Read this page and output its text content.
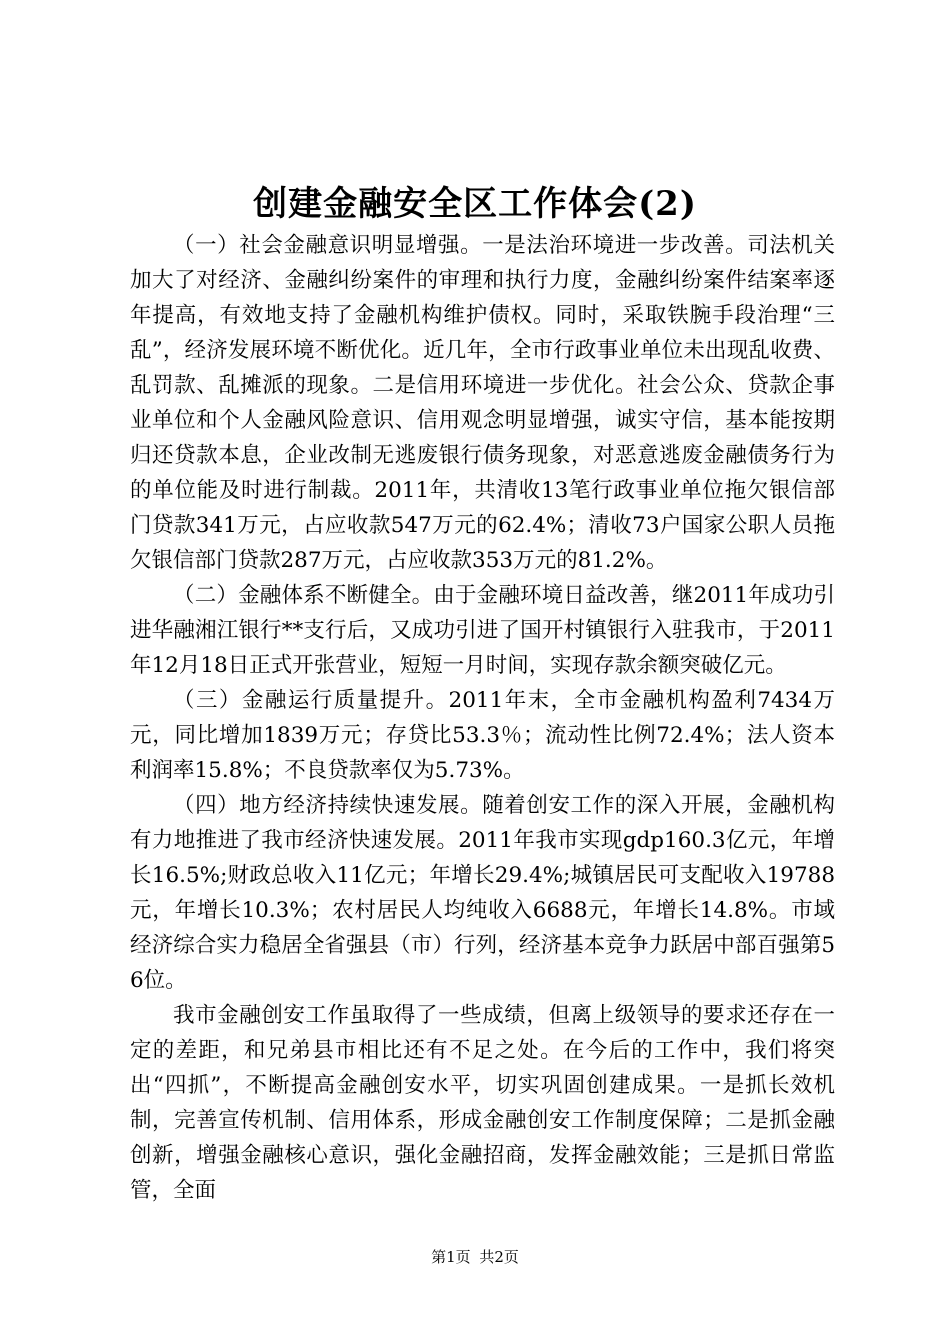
创建金融安全区工作体会(2)

（一）社会金融意识明显增强。一是法治环境进一步改善。司法机关加大了对经济、金融纠纷案件的审理和执行力度，金融纠纷案件结案率逐年提高，有效地支持了金融机构维护债权。同时，采取铁腕手段治理“三乱”，经济发展环境不断优化。近几年，全市行政事业单位未出现乱收费、乱罚款、乱摊派的现象。二是信用环境进一步优化。社会公众、贷款企事业单位和个人金融风险意识、信用观念明显增强，诚实守信，基本能按期归还贷款本息，企业改制无逃废银行债务现象，对恶意逃废金融债务行为的单位能及时进行制裁。2011年，共清收13笔行政事业单位拖欠银信部门贷款341万元，占应收款547万元的62.4%；清收73户国家公职人员拖欠银信部门贷款287万元，占应收款353万元的81.2%。

（二）金融体系不断健全。由于金融环境日益改善，继2011年成功引进华融湘江银行**支行后，又成功引进了国开村镇银行入驻我市，于2011年12月18日正式开张营业，短短一月时间，实现存款余额突破亿元。

（三）金融运行质量提升。2011年末，全市金融机构盈利7434万元，同比增加1839万元；存贷比53.3％；流动性比例72.4%；法人资本利润率15.8%；不良贷款率仅为5.73%。

（四）地方经济持续快速发展。随着创安工作的深入开展，金融机构有力地推进了我市经济快速发展。2011年我市实现gdp160.3亿元，年增长16.5%;财政总收入11亿元；年增长29.4%;城镇居民可支配收入19788元，年增长10.3%；农村居民人均纯收入6688元，年增长14.8%。市域经济综合实力稳居全省强县（市）行列，经济基本竞争力跃居中部百强第56位。

我市金融创安工作虽取得了一些成绩，但离上级领导的要求还存在一定的差距，和兄弟县市相比还有不足之处。在今后的工作中，我们将突出“四抓”，不断提高金融创安水平，切实巩固创建成果。一是抓长效机制，完善宣传机制、信用体系，形成金融创安工作制度保障；二是抓金融创新，增强金融核心意识，强化金融招商，发挥金融效能；三是抓日常监管，全面

第1页 共2页
